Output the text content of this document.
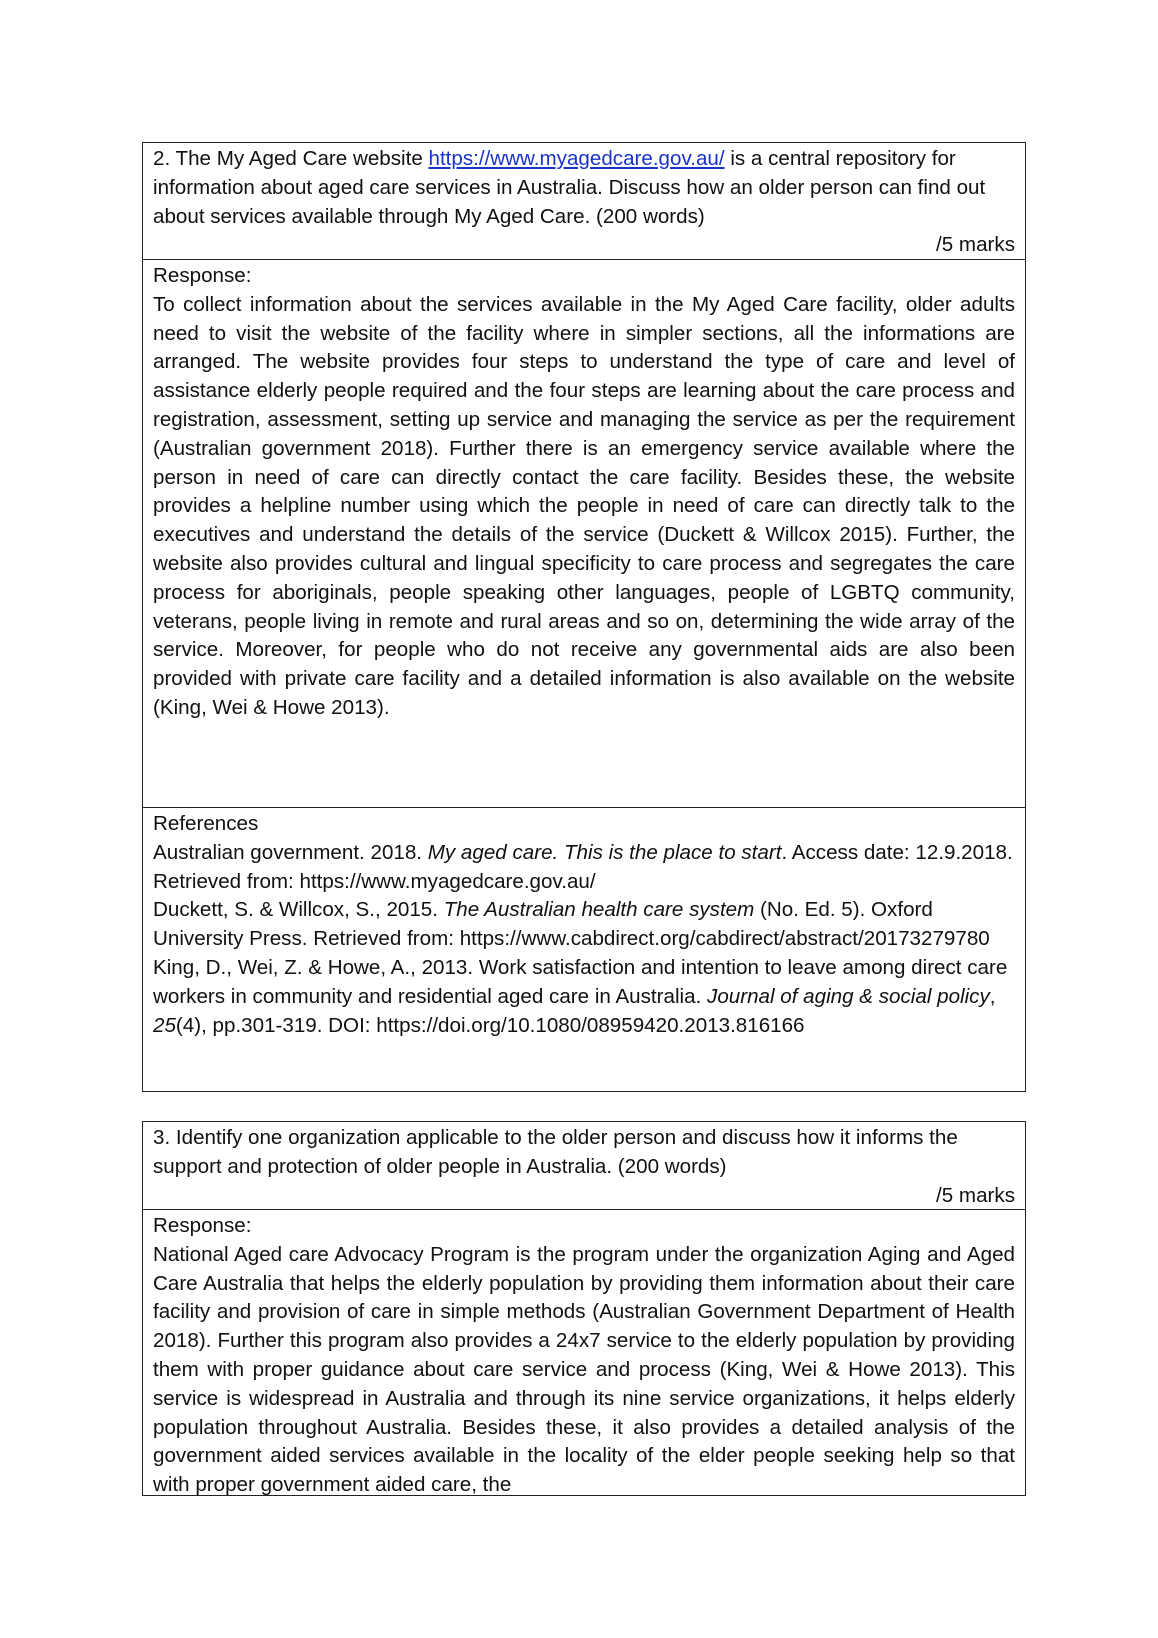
2. The My Aged Care website https://www.myagedcare.gov.au/ is a central repository for information about aged care services in Australia. Discuss how an older person can find out about services available through My Aged Care. (200 words)
/5 marks
Response:
To collect information about the services available in the My Aged Care facility, older adults need to visit the website of the facility where in simpler sections, all the informations are arranged. The website provides four steps to understand the type of care and level of assistance elderly people required and the four steps are learning about the care process and registration, assessment, setting up service and managing the service as per the requirement (Australian government 2018). Further there is an emergency service available where the person in need of care can directly contact the care facility. Besides these, the website provides a helpline number using which the people in need of care can directly talk to the executives and understand the details of the service (Duckett & Willcox 2015). Further, the website also provides cultural and lingual specificity to care process and segregates the care process for aboriginals, people speaking other languages, people of LGBTQ community, veterans, people living in remote and rural areas and so on, determining the wide array of the service. Moreover, for people who do not receive any governmental aids are also been provided with private care facility and a detailed information is also available on the website (King, Wei & Howe 2013).
References
Australian government. 2018. My aged care. This is the place to start. Access date: 12.9.2018. Retrieved from: https://www.myagedcare.gov.au/
Duckett, S. & Willcox, S., 2015. The Australian health care system (No. Ed. 5). Oxford University Press. Retrieved from: https://www.cabdirect.org/cabdirect/abstract/20173279780
King, D., Wei, Z. & Howe, A., 2013. Work satisfaction and intention to leave among direct care workers in community and residential aged care in Australia. Journal of aging & social policy, 25(4), pp.301-319. DOI: https://doi.org/10.1080/08959420.2013.816166
3. Identify one organization applicable to the older person and discuss how it informs the support and protection of older people in Australia. (200 words)
/5 marks
Response:
National Aged care Advocacy Program is the program under the organization Aging and Aged Care Australia that helps the elderly population by providing them information about their care facility and provision of care in simple methods (Australian Government Department of Health 2018). Further this program also provides a 24x7 service to the elderly population by providing them with proper guidance about care service and process (King, Wei & Howe 2013). This service is widespread in Australia and through its nine service organizations, it helps elderly population throughout Australia. Besides these, it also provides a detailed analysis of the government aided services available in the locality of the elder people seeking help so that with proper government aided care, the
